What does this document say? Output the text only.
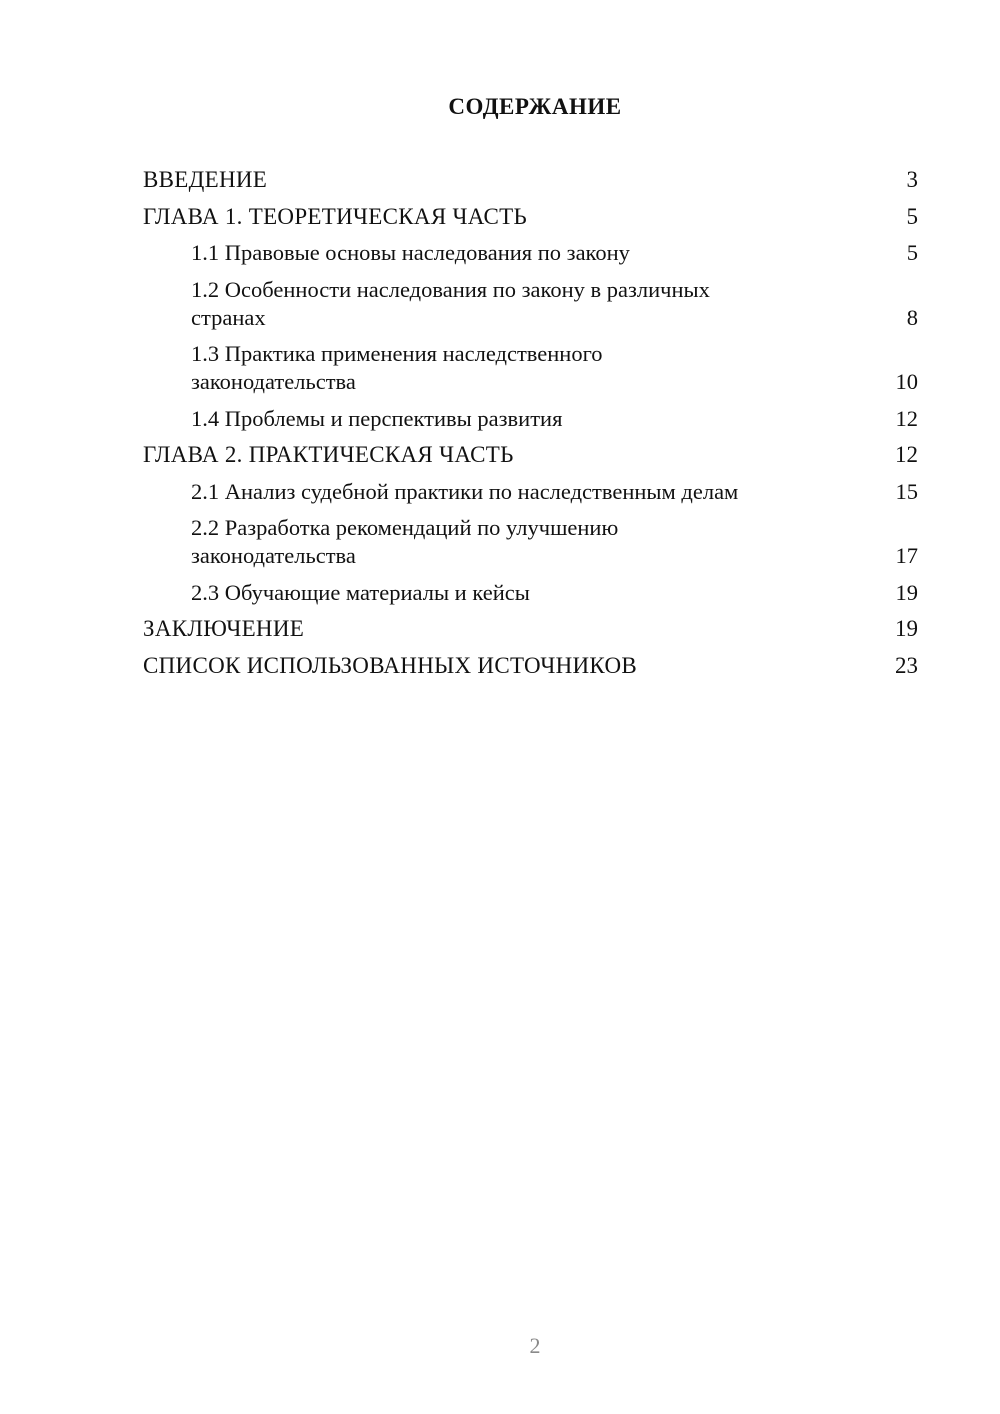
СОДЕРЖАНИЕ
ВВЕДЕНИЕ	3
ГЛАВА 1. ТЕОРЕТИЧЕСКАЯ ЧАСТЬ	5
1.1 Правовые основы наследования по закону	5
1.2 Особенности наследования по закону в различных странах	8
1.3 Практика применения наследственного законодательства	10
1.4 Проблемы и перспективы развития	12
ГЛАВА 2. ПРАКТИЧЕСКАЯ ЧАСТЬ	12
2.1 Анализ судебной практики по наследственным делам	15
2.2 Разработка рекомендаций по улучшению законодательства	17
2.3 Обучающие материалы и кейсы	19
ЗАКЛЮЧЕНИЕ	19
СПИСОК ИСПОЛЬЗОВАННЫХ ИСТОЧНИКОВ	23
2
